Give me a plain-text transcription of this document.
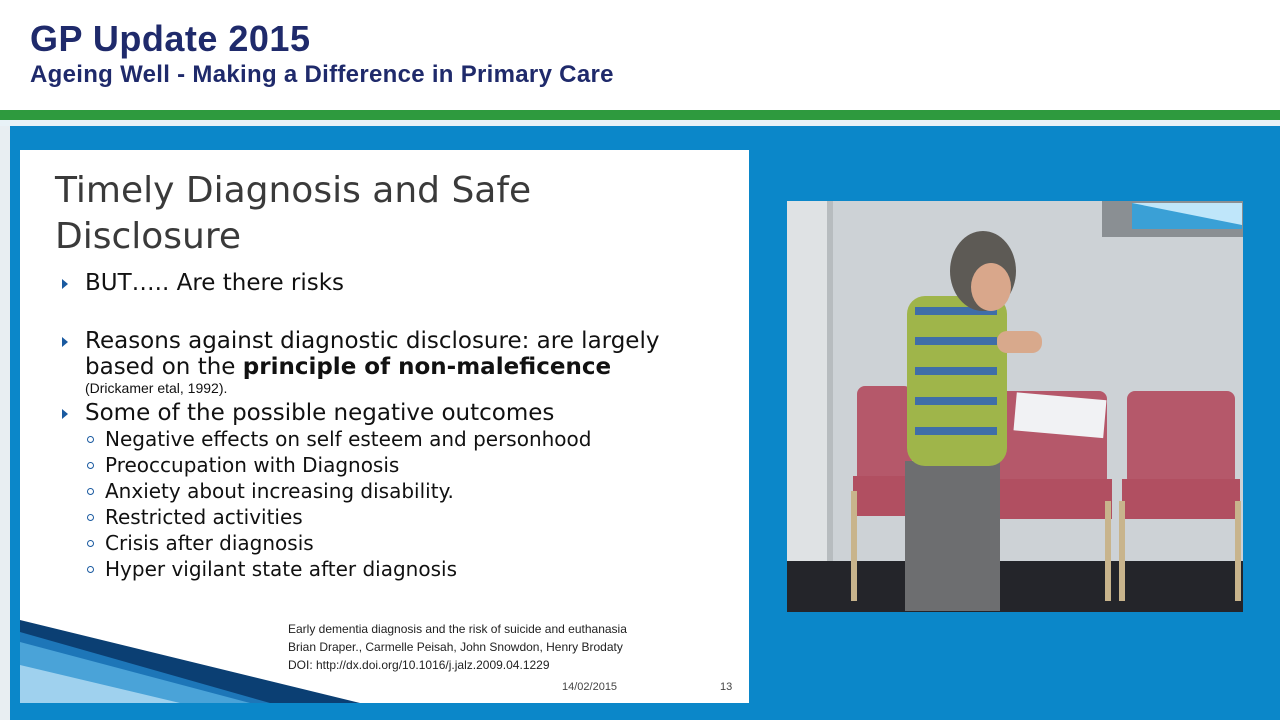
GP Update 2015
Ageing Well - Making a Difference in Primary Care
Timely Diagnosis and Safe
Disclosure
BUT….. Are there risks
Reasons against diagnostic disclosure: are largely
based on the principle of non-maleficence
(Drickamer etal, 1992).
Some of the possible negative outcomes
Negative effects on self esteem and personhood
Preoccupation with Diagnosis
Anxiety about increasing disability.
Restricted activities
Crisis after diagnosis
Hyper vigilant state after diagnosis
Early dementia diagnosis and the risk of suicide and euthanasia
Brian Draper., Carmelle Peisah, John Snowdon, Henry Brodaty
DOI: http://dx.doi.org/10.1016/j.jalz.2009.04.1229
14/02/2015	13
